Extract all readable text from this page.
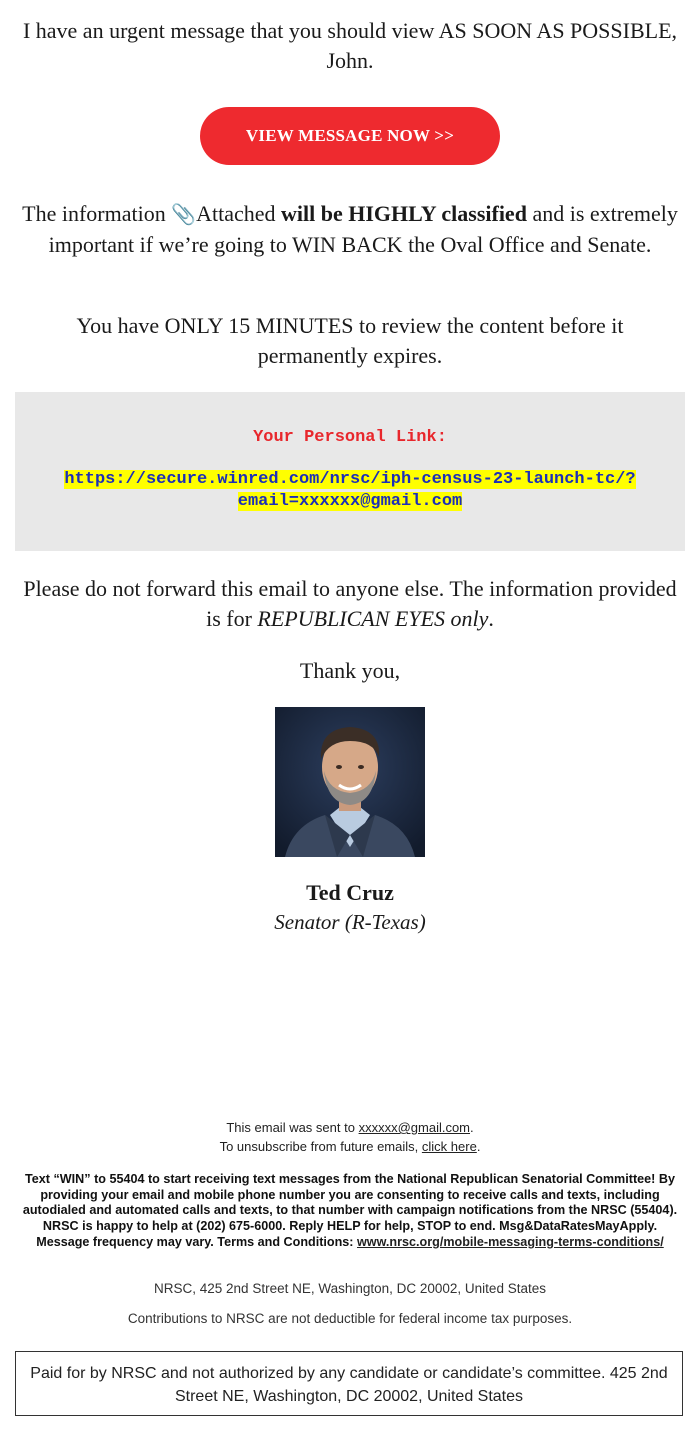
I have an urgent message that you should view AS SOON AS POSSIBLE, John.

VIEW MESSAGE NOW >>

The information 📎Attached will be HIGHLY classified and is extremely important if we’re going to WIN BACK the Oval Office and Senate.

You have ONLY 15 MINUTES to review the content before it permanently expires.

Your Personal Link:
https://secure.winred.com/nrsc/iph-census-23-launch-tc/?
email=xxxxxx@gmail.com

Please do not forward this email to anyone else. The information provided is for REPUBLICAN EYES only.

Thank you,

Ted Cruz
Senator (R-Texas)
This email was sent to xxxxxx@gmail.com.
To unsubscribe from future emails, click here.
Text “WIN” to 55404 to start receiving text messages from the National Republican Senatorial Committee! By providing your email and mobile phone number you are consenting to receive calls and texts, including autodialed and automated calls and texts, to that number with campaign notifications from the NRSC (55404). NRSC is happy to help at (202) 675-6000. Reply HELP for help, STOP to end. Msg&DataRatesMayApply. Message frequency may vary. Terms and Conditions: www.nrsc.org/mobile-messaging-terms-conditions/
NRSC, 425 2nd Street NE, Washington, DC 20002, United States
Contributions to NRSC are not deductible for federal income tax purposes.
Paid for by NRSC and not authorized by any candidate or candidate’s committee. 425 2nd Street NE, Washington, DC 20002, United States
